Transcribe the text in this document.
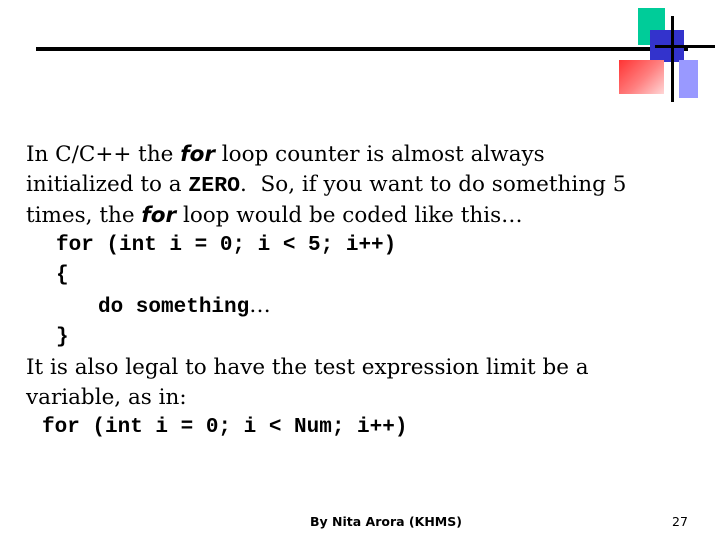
In C/C++ the for loop counter is almost always
initialized to a ZERO.  So, if you want to do something 5
times, the for loop would be coded like this…
for (int i = 0; i < 5; i++)
{
do something…
}
It is also legal to have the test expression limit be a
variable, as in:
for (int i = 0; i < Num; i++)
By Nita Arora (KHMS)	27
